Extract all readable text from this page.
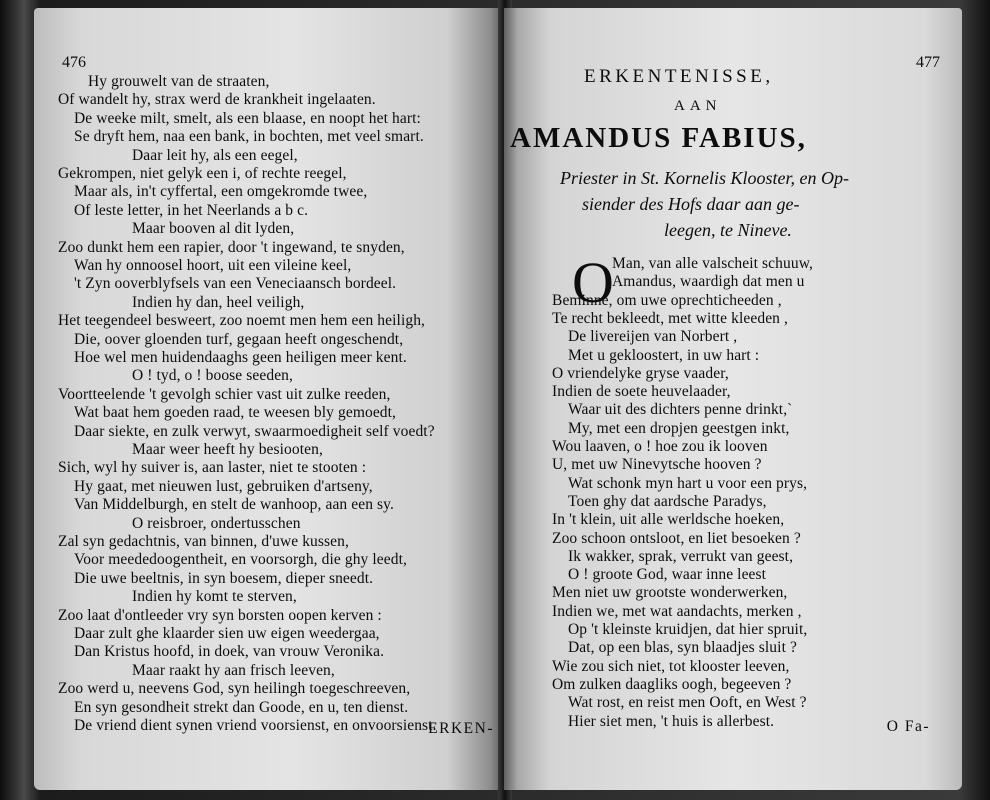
476
Hy grouwelt van de straaten,
Of wandelt hy, strax werd de krankheit ingelaaten.
De weeke milt, smelt, als een blaase, en noopt het hart:
Se dryft hem, naa een bank, in bochten, met veel smart.
Daar leit hy, als een eegel,
Gekrompen, niet gelyk een i, of rechte reegel,
Maar als, in't cyffertal, een omgekromde twee,
Of leste letter, in het Neerlands a b c.
Maar booven al dit lyden,
Zoo dunkt hem een rapier, door 't ingewand, te snyden,
Wan hy onnoosel hoort, uit een vileine keel,
't Zyn ooverblyfsels van een Veneciaansch bordeel.
Indien hy dan, heel veiligh,
Het teegendeel besweert, zoo noemt men hem een heiligh,
Die, oover gloenden turf, gegaan heeft ongeschendt,
Hoe wel men huidendaaghs geen heiligen meer kent.
O ! tyd, o ! boose seeden,
Voortteelende 't gevolgh schier vast uit zulke reeden,
Wat baat hem goeden raad, te weesen bly gemoedt,
Daar siekte, en zulk verwyt, swaarmoedigheit self voedt?
Maar weer heeft hy besiooten,
Sich, wyl hy suiver is, aan laster, niet te stooten :
Hy gaat, met nieuwen lust, gebruiken d'artseny,
Van Middelburgh, en stelt de wanhoop, aan een sy.
O reisbroer, ondertusschen
Zal syn gedachtnis, van binnen, d'uwe kussen,
Voor meededoogentheit, en voorsorgh, die ghy leedt,
Die uwe beeltnis, in syn boesem, dieper sneedt.
Indien hy komt te sterven,
Zoo laat d'ontleeder vry syn borsten oopen kerven :
Daar zult ghe klaarder sien uw eigen weedergaa,
Dan Kristus hoofd, in doek, van vrouw Veronika.
Maar raakt hy aan frisch leeven,
Zoo werd u, neevens God, syn heilingh toegeschreeven,
En syn gesondheit strekt dan Goode, en u, ten dienst.
De vriend dient synen vriend voorsienst, en onvoorsienst.
ERKEN-
477
ERKENTENISSE,
AAN
AMANDUS FABIUS,
Priester in St. Kornelis Klooster, en Op-
siender des Hofs daar aan ge-
leegen, te Nineve.
O
Man, van alle valscheit schuuw,
Amandus, waardigh dat men u
Beminne, om uwe oprechticheeden ,
Te recht bekleedt, met witte kleeden ,
De livereijen van Norbert ,
Met u gekloostert, in uw hart :
O vriendelyke gryse vaader,
Indien de soete heuvelaader,
Waar uit des dichters penne drinkt,`
My, met een dropjen geestgen inkt,
Wou laaven, o ! hoe zou ik looven
U, met uw Ninevytsche hooven ?
Wat schonk myn hart u voor een prys,
Toen ghy dat aardsche Paradys,
In 't klein, uit alle werldsche hoeken,
Zoo schoon ontsloot, en liet besoeken ?
Ik wakker, sprak, verrukt van geest,
O ! groote God, waar inne leest
Men niet uw grootste wonderwerken,
Indien we, met wat aandachts, merken ,
Op 't kleinste kruidjen, dat hier spruit,
Dat, op een blas, syn blaadjes sluit ?
Wie zou sich niet, tot klooster leeven,
Om zulken daagliks oogh, begeeven ?
Wat rost, en reist men Ooft, en West ?
Hier siet men, 't huis is allerbest.	O Fa-
